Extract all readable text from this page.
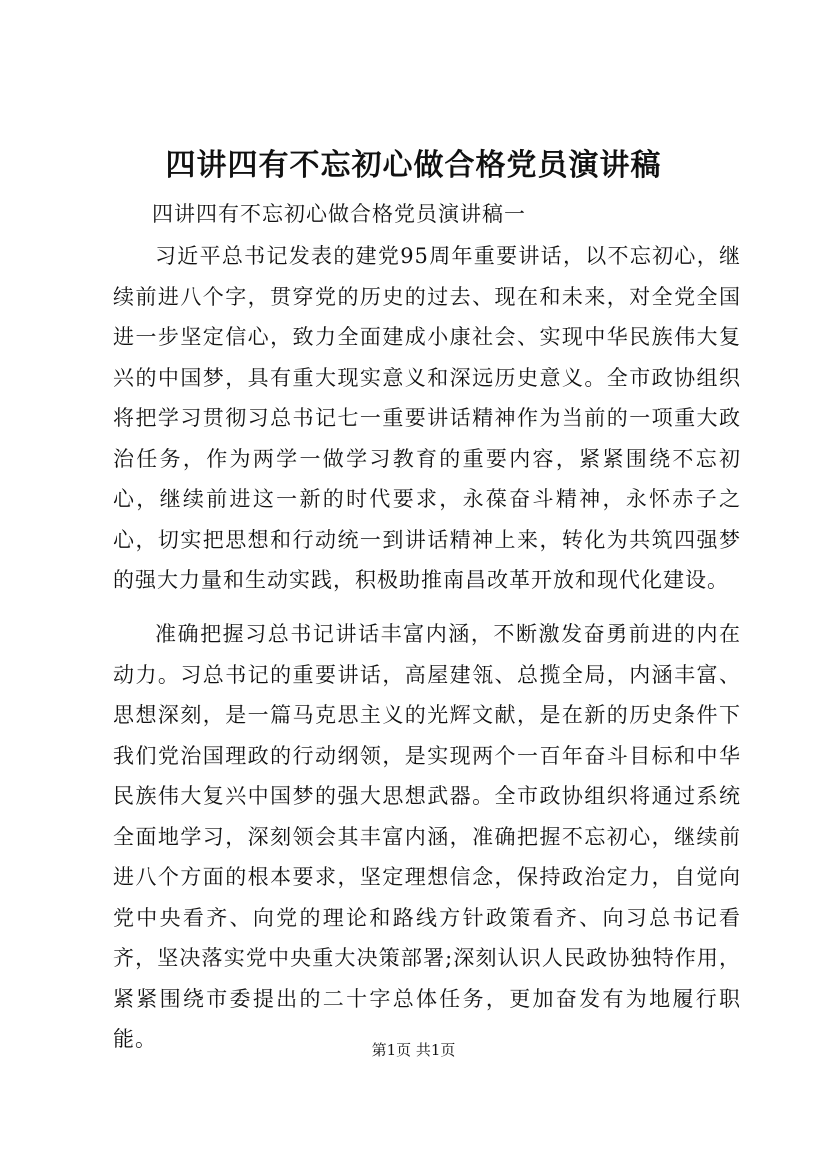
四讲四有不忘初心做合格党员演讲稿

四讲四有不忘初心做合格党员演讲稿一

习近平总书记发表的建党95周年重要讲话，以不忘初心，继续前进八个字，贯穿党的历史的过去、现在和未来，对全党全国进一步坚定信心，致力全面建成小康社会、实现中华民族伟大复兴的中国梦，具有重大现实意义和深远历史意义。全市政协组织将把学习贯彻习总书记七一重要讲话精神作为当前的一项重大政治任务，作为两学一做学习教育的重要内容，紧紧围绕不忘初心，继续前进这一新的时代要求，永葆奋斗精神，永怀赤子之心，切实把思想和行动统一到讲话精神上来，转化为共筑四强梦的强大力量和生动实践，积极助推南昌改革开放和现代化建设。

准确把握习总书记讲话丰富内涵，不断激发奋勇前进的内在动力。习总书记的重要讲话，高屋建瓴、总揽全局，内涵丰富、思想深刻，是一篇马克思主义的光辉文献，是在新的历史条件下我们党治国理政的行动纲领，是实现两个一百年奋斗目标和中华民族伟大复兴中国梦的强大思想武器。全市政协组织将通过系统全面地学习，深刻领会其丰富内涵，准确把握不忘初心，继续前进八个方面的根本要求，坚定理想信念，保持政治定力，自觉向党中央看齐、向党的理论和路线方针政策看齐、向习总书记看齐，坚决落实党中央重大决策部署;深刻认识人民政协独特作用，紧紧围绕市委提出的二十字总体任务，更加奋发有为地履行职能。	第1页 共1页
